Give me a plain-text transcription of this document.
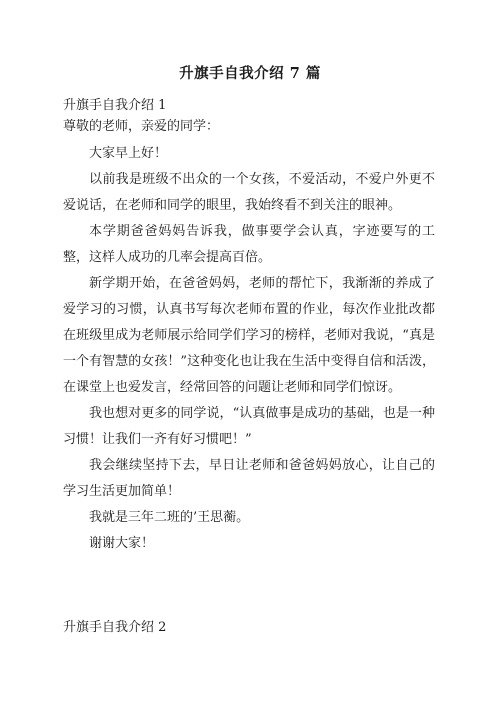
升旗手自我介绍 7 篇
升旗手自我介绍 1

尊敬的老师，亲爱的同学：

大家早上好！

以前我是班级不出众的一个女孩，不爱活动，不爱户外更不爱说话，在老师和同学的眼里，我始终看不到关注的眼神。

本学期爸爸妈妈告诉我，做事要学会认真，字迹要写的工整，这样人成功的几率会提高百倍。

新学期开始，在爸爸妈妈，老师的帮忙下，我渐渐的养成了爱学习的习惯，认真书写每次老师布置的作业，每次作业批改都在班级里成为老师展示给同学们学习的榜样，老师对我说，“真是一个有智慧的女孩！”这种变化也让我在生活中变得自信和活泼，在课堂上也爱发言，经常回答的问题让老师和同学们惊讶。

我也想对更多的同学说，“认真做事是成功的基础，也是一种习惯！让我们一齐有好习惯吧！”

我会继续坚持下去，早日让老师和爸爸妈妈放心，让自己的学习生活更加简单！

我就是三年二班的’王思蘅。

谢谢大家！

升旗手自我介绍 2
